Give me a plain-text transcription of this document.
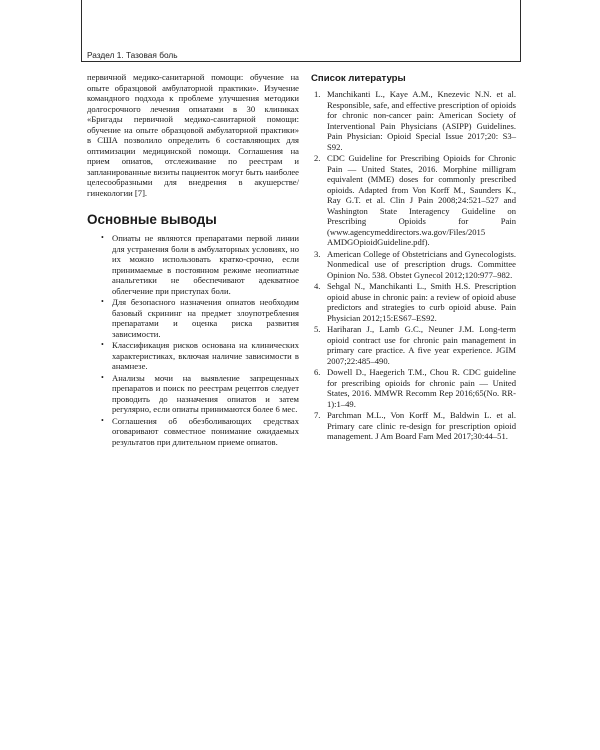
Раздел 1. Тазовая боль

первичной медико-санитарной помощи: обучение на опыте образцовой амбулаторной практики». Изучение командного подхода к проблеме улучшения методики долгосрочного лечения опиатами в 30 клиниках «Бригады первичной медико-санитарной помощи: обучение на опыте образцовой амбулаторной практики» в США позволило определить 6 составляющих для оптимизации медицинской помощи. Соглашения на прием опиатов, отслеживание по реестрам и запланированные визиты пациенток могут быть наиболее целесообразными для внедрения в акушерстве/гинекологии [7].

Основные выводы
• Опиаты не являются препаратами первой линии для устранения боли в амбулаторных условиях, но их можно использовать кратко-срочно, если принимаемые в постоянном режиме неопиатные анальгетики не обеспечивают адекватное облегчение при приступах боли.
• Для безопасного назначения опиатов необходим базовый скрининг на предмет злоупотребления препаратами и оценка риска развития зависимости.
• Классификация рисков основана на клинических характеристиках, включая наличие зависимости в анамнезе.
• Анализы мочи на выявление запрещенных препаратов и поиск по реестрам рецептов следует проводить до назначения опиатов и затем регулярно, если опиаты принимаются более 6 мес.
• Соглашения об обезболивающих средствах оговаривают совместное понимание ожидаемых результатов при длительном приеме опиатов.
Список литературы
1. Manchikanti L., Kaye A.M., Knezevic N.N. et al. Responsible, safe, and effective prescription of opioids for chronic non-cancer pain: American Society of Interventional Pain Physicians (ASIPP) Guidelines. Pain Physician: Opioid Special Issue 2017;20: S3–S92.
2. CDC Guideline for Prescribing Opioids for Chronic Pain — United States, 2016. Morphine milligram equivalent (MME) doses for commonly prescribed opioids. Adapted from Von Korff M., Saunders K., Ray G.T. et al. Clin J Pain 2008;24:521–527 and Washington State Interagency Guideline on Prescribing Opioids for Pain (www.agencymeddirectors.wa.gov/Files/2015 AMDGOpioidGuideline.pdf).
3. American College of Obstetricians and Gynecologists. Nonmedical use of prescription drugs. Committee Opinion No. 538. Obstet Gynecol 2012;120:977–982.
4. Sehgal N., Manchikanti L., Smith H.S. Prescription opioid abuse in chronic pain: a review of opioid abuse predictors and strategies to curb opioid abuse. Pain Physician 2012;15:ES67–ES92.
5. Hariharan J., Lamb G.C., Neuner J.M. Long-term opioid contract use for chronic pain management in primary care practice. A five year experience. JGIM 2007;22:485–490.
6. Dowell D., Haegerich T.M., Chou R. CDC guideline for prescribing opioids for chronic pain — United States, 2016. MMWR Recomm Rep 2016;65(No. RR-1):1–49.
7. Parchman M.L., Von Korff M., Baldwin L. et al. Primary care clinic re-design for prescription opioid management. J Am Board Fam Med 2017;30:44–51.
